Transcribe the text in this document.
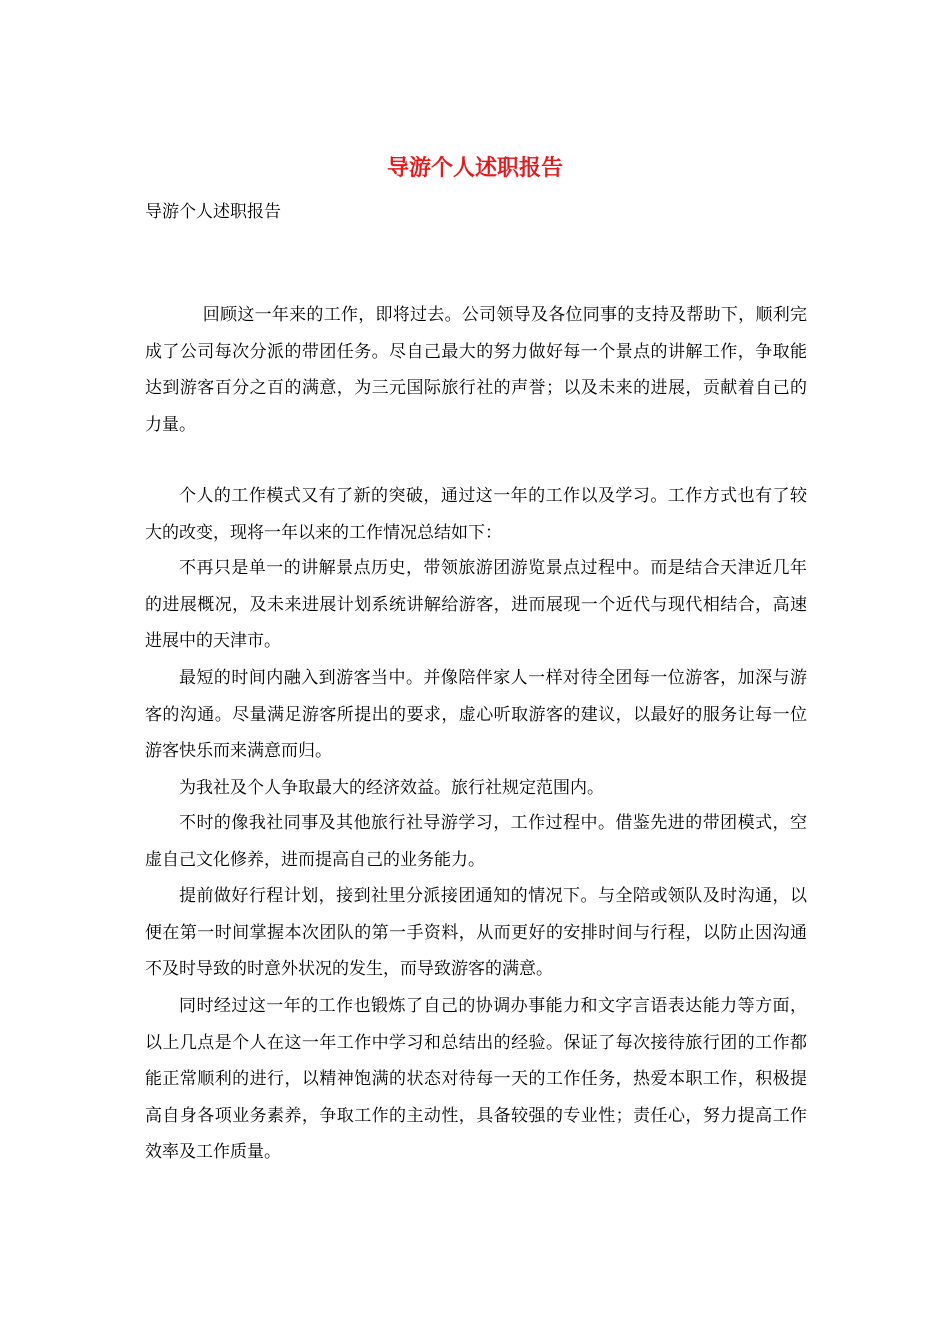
导游个人述职报告

导游个人述职报告

回顾这一年来的工作，即将过去。公司领导及各位同事的支持及帮助下，顺利完成了公司每次分派的带团任务。尽自己最大的努力做好每一个景点的讲解工作，争取能达到游客百分之百的满意，为三元国际旅行社的声誉；以及未来的进展，贡献着自己的力量。

个人的工作模式又有了新的突破，通过这一年的工作以及学习。工作方式也有了较大的改变，现将一年以来的工作情况总结如下：

不再只是单一的讲解景点历史，带领旅游团游览景点过程中。而是结合天津近几年的进展概况，及未来进展计划系统讲解给游客，进而展现一个近代与现代相结合，高速进展中的天津市。

最短的时间内融入到游客当中。并像陪伴家人一样对待全团每一位游客，加深与游客的沟通。尽量满足游客所提出的要求，虚心听取游客的建议，以最好的服务让每一位游客快乐而来满意而归。

为我社及个人争取最大的经济效益。旅行社规定范围内。

不时的像我社同事及其他旅行社导游学习，工作过程中。借鉴先进的带团模式，空虚自己文化修养，进而提高自己的业务能力。

提前做好行程计划，接到社里分派接团通知的情况下。与全陪或领队及时沟通，以便在第一时间掌握本次团队的第一手资料，从而更好的安排时间与行程，以防止因沟通不及时导致的时意外状况的发生，而导致游客的满意。

同时经过这一年的工作也锻炼了自己的协调办事能力和文字言语表达能力等方面，以上几点是个人在这一年工作中学习和总结出的经验。保证了每次接待旅行团的工作都能正常顺利的进行，以精神饱满的状态对待每一天的工作任务，热爱本职工作，积极提高自身各项业务素养，争取工作的主动性，具备较强的专业性；责任心，努力提高工作效率及工作质量。
